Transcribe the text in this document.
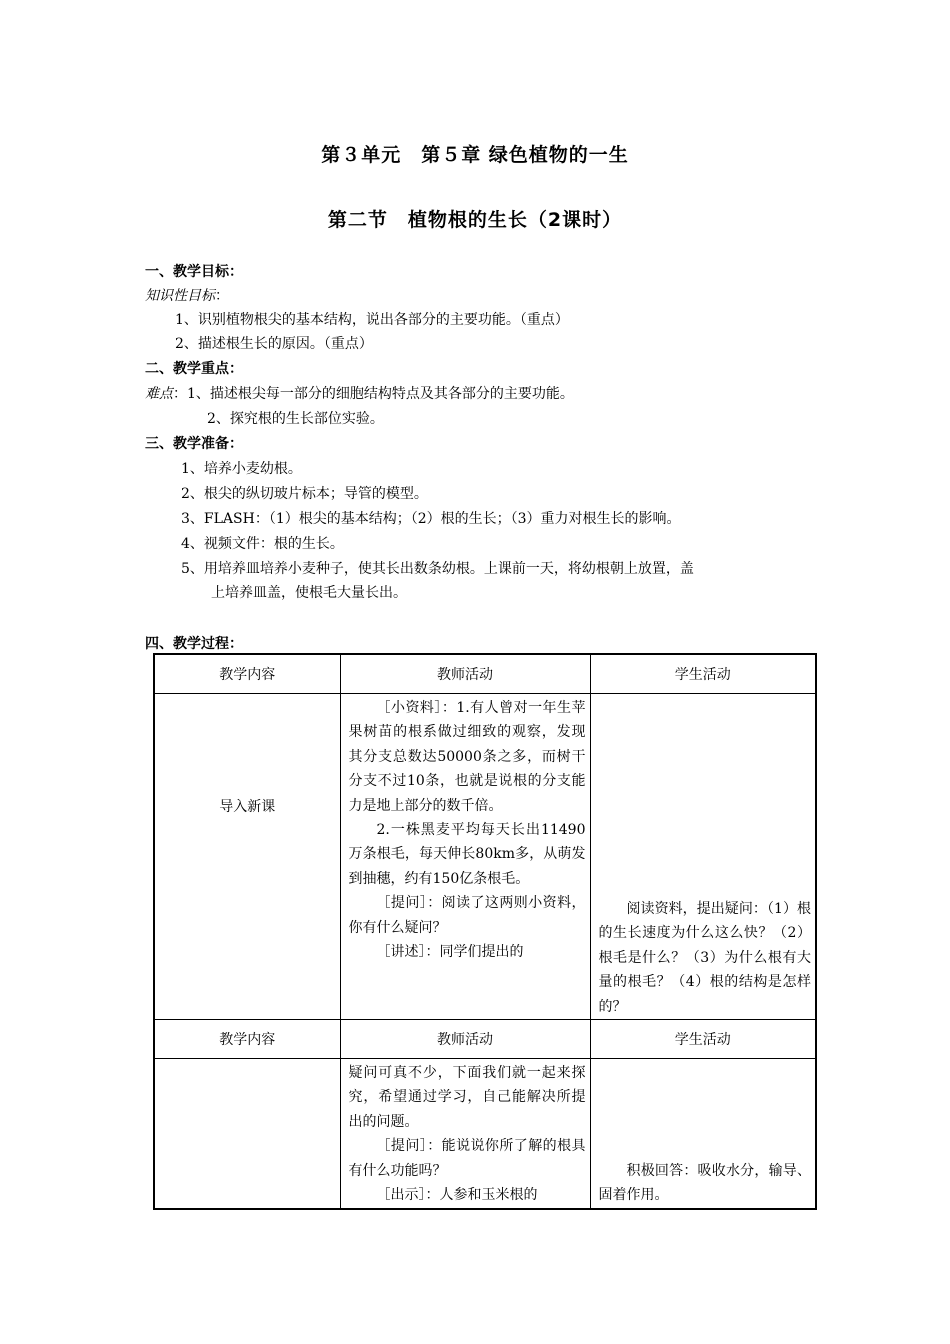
第３单元　第５章 绿色植物的一生
第二节　植物根的生长（2课时）
一、教学目标：
知识性目标：
1、识别植物根尖的基本结构，说出各部分的主要功能。（重点）
2、描述根生长的原因。（重点）
二、教学重点：
难点：1、描述根尖每一部分的细胞结构特点及其各部分的主要功能。
2、探究根的生长部位实验。
三、教学准备：
1、培养小麦幼根。
2、根尖的纵切玻片标本；导管的模型。
3、FLASH：（1）根尖的基本结构；（2）根的生长；（3）重力对根生长的影响。
4、视频文件：根的生长。
5、用培养皿培养小麦种子，使其长出数条幼根。上课前一天，将幼根朝上放置，盖
上培养皿盖，使根毛大量长出。
四、教学过程：
教学内容	教师活动	学生活动

导入新课	［小资料］：1.有人曾对一年生苹果树苗的根系做过细致的观察，发现其分支总数达50000条之多，而树干分支不过10条，也就是说根的分支能力是地上部分的数千倍。

2.一株黑麦平均每天长出11490万条根毛，每天伸长80km多，从萌发到抽穗，约有150亿条根毛。

［提问］：阅读了这两则小资料，你有什么疑问？

［讲述］：同学们提出的	阅读资料，提出疑问：（1）根的生长速度为什么这么快？（2）根毛是什么？（3）为什么根有大量的根毛？（4）根的结构是怎样的？

教学内容	教师活动	学生活动

	疑问可真不少，下面我们就一起来探究，希望通过学习，自己能解决所提出的问题。

［提问］：能说说你所了解的根具有什么功能吗？

［出示］：人参和玉米根的	积极回答：吸收水分，输导、固着作用。
